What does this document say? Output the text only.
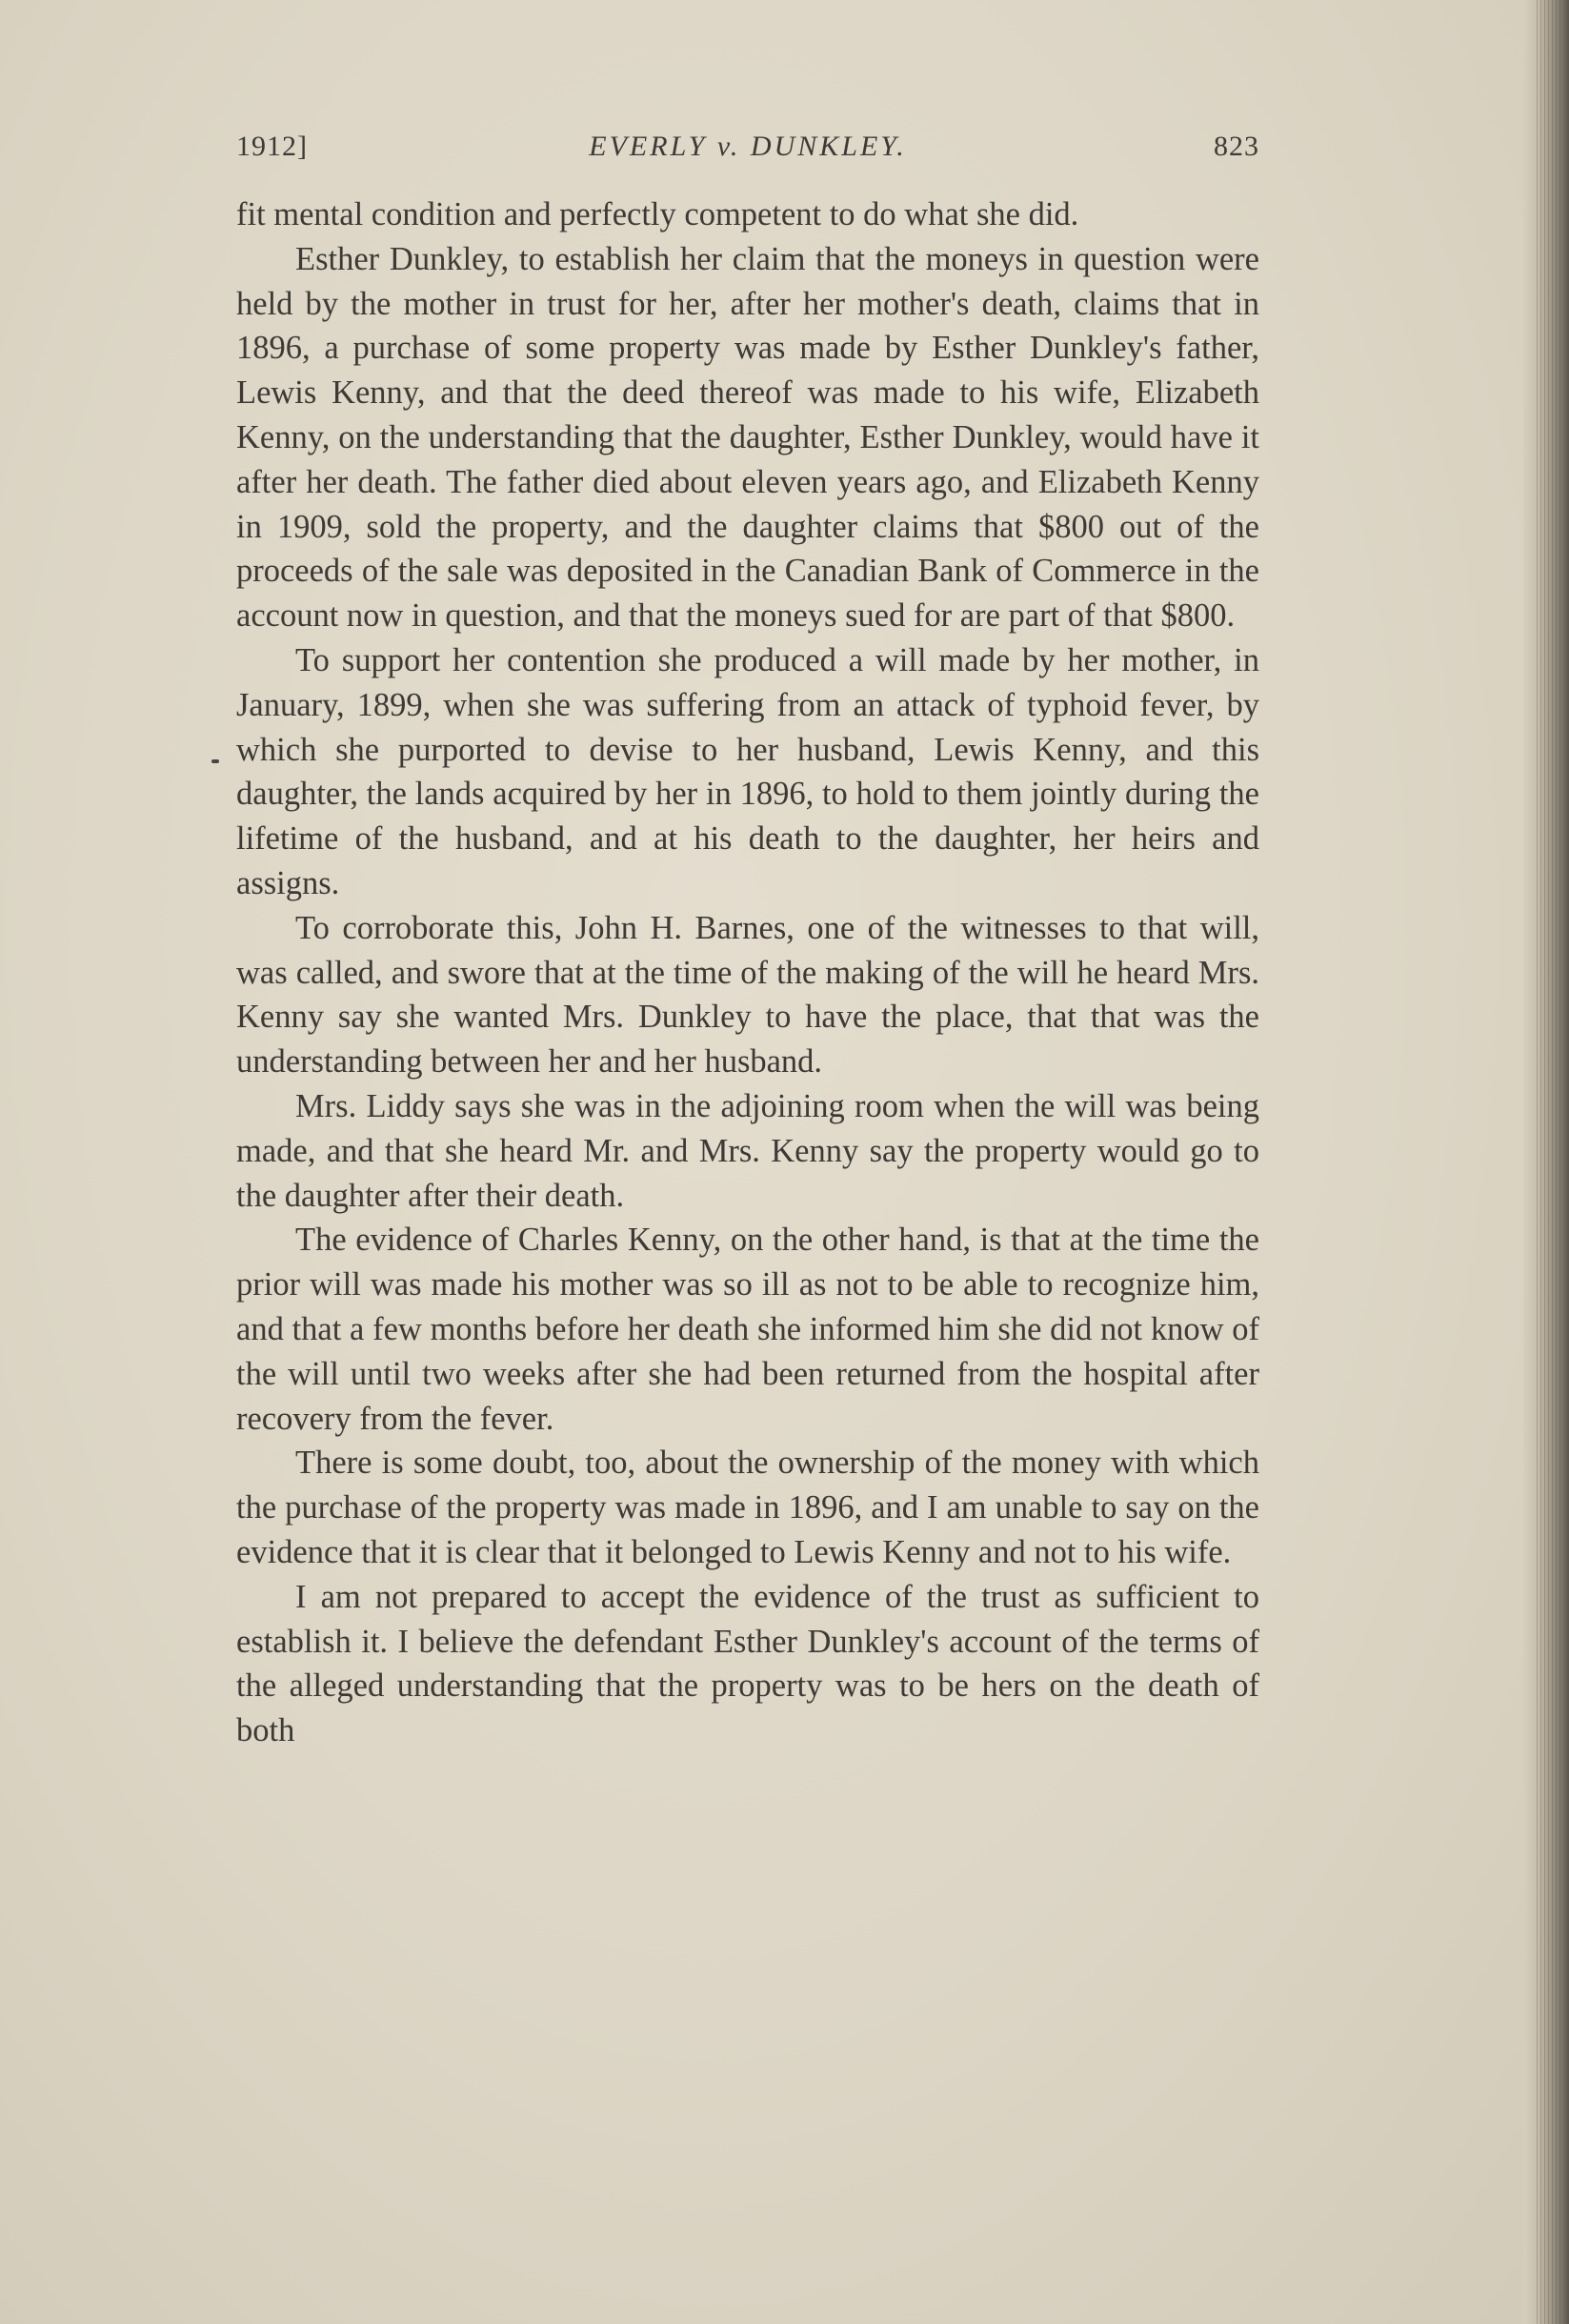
1912]	EVERLY v. DUNKLEY.	823

fit mental condition and perfectly competent to do what she did.

Esther Dunkley, to establish her claim that the moneys in question were held by the mother in trust for her, after her mother's death, claims that in 1896, a purchase of some property was made by Esther Dunkley's father, Lewis Kenny, and that the deed thereof was made to his wife, Elizabeth Kenny, on the understanding that the daughter, Esther Dunkley, would have it after her death. The father died about eleven years ago, and Elizabeth Kenny in 1909, sold the property, and the daughter claims that $800 out of the proceeds of the sale was deposited in the Canadian Bank of Commerce in the account now in question, and that the moneys sued for are part of that $800.

To support her contention she produced a will made by her mother, in January, 1899, when she was suffering from an attack of typhoid fever, by which she purported to devise to her husband, Lewis Kenny, and this daughter, the lands acquired by her in 1896, to hold to them jointly during the lifetime of the husband, and at his death to the daughter, her heirs and assigns.

To corroborate this, John H. Barnes, one of the witnesses to that will, was called, and swore that at the time of the making of the will he heard Mrs. Kenny say she wanted Mrs. Dunkley to have the place, that that was the understanding between her and her husband.

Mrs. Liddy says she was in the adjoining room when the will was being made, and that she heard Mr. and Mrs. Kenny say the property would go to the daughter after their death.

The evidence of Charles Kenny, on the other hand, is that at the time the prior will was made his mother was so ill as not to be able to recognize him, and that a few months before her death she informed him she did not know of the will until two weeks after she had been returned from the hospital after recovery from the fever.

There is some doubt, too, about the ownership of the money with which the purchase of the property was made in 1896, and I am unable to say on the evidence that it is clear that it belonged to Lewis Kenny and not to his wife.

I am not prepared to accept the evidence of the trust as sufficient to establish it. I believe the defendant Esther Dunkley's account of the terms of the alleged understanding that the property was to be hers on the death of both
